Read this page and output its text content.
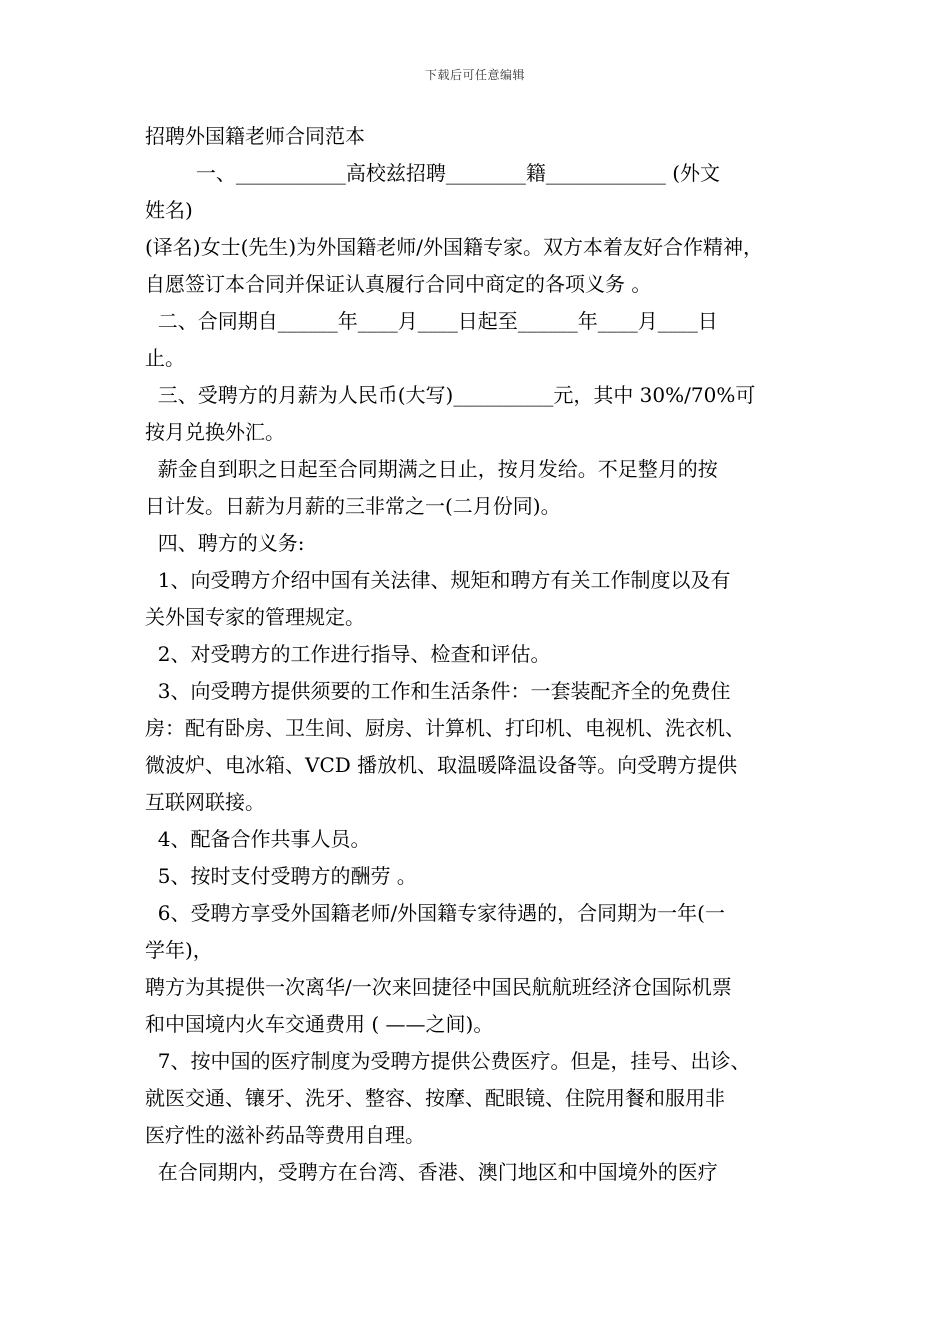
下载后可任意编辑
招聘外国籍老师合同范本
一、___________高校兹招聘________籍____________ (外文
姓名)
(译名)女士(先生)为外国籍老师/外国籍专家。双方本着友好合作精神，
自愿签订本合同并保证认真履行合同中商定的各项义务 。
二、合同期自______年____月____日起至______年____月____日
止。
三、受聘方的月薪为人民币(大写)__________元，其中 30%/70%可
按月兑换外汇。
薪金自到职之日起至合同期满之日止，按月发给。不足整月的按
日计发。日薪为月薪的三非常之一(二月份同)。
四、聘方的义务:
1、向受聘方介绍中国有关法律、规矩和聘方有关工作制度以及有
关外国专家的管理规定。
2、对受聘方的工作进行指导、检查和评估。
3、向受聘方提供须要的工作和生活条件：一套装配齐全的免费住
房：配有卧房、卫生间、厨房、计算机、打印机、电视机、洗衣机、
微波炉、电冰箱、VCD 播放机、取温暖降温设备等。向受聘方提供
互联网联接。
4、配备合作共事人员。
5、按时支付受聘方的酬劳 。
6、受聘方享受外国籍老师/外国籍专家待遇的，合同期为一年(一
学年)，
聘方为其提供一次离华/一次来回捷径中国民航航班经济仓国际机票
和中国境内火车交通费用 ( ——之间)。
7、按中国的医疗制度为受聘方提供公费医疗。但是，挂号、出诊、
就医交通、镶牙、洗牙、整容、按摩、配眼镜、住院用餐和服用非
医疗性的滋补药品等费用自理。
在合同期内，受聘方在台湾、香港、澳门地区和中国境外的医疗
